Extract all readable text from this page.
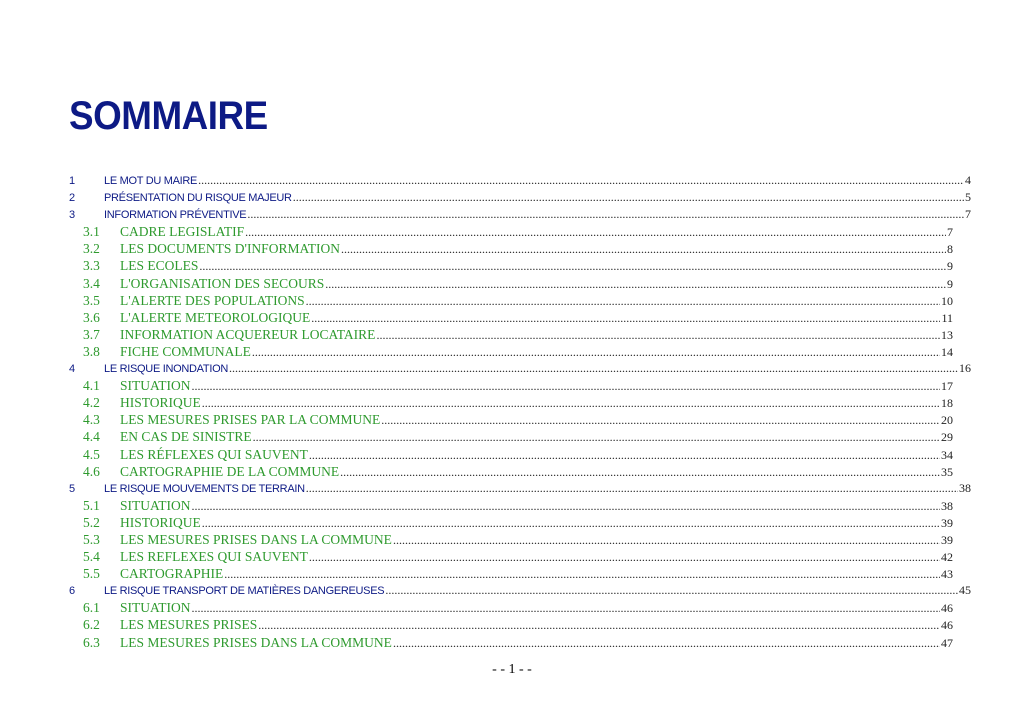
SOMMAIRE
1	LE MOT DU MAIRE .....	4
2	PRÉSENTATION DU RISQUE MAJEUR .....	5
3	INFORMATION PRÉVENTIVE .....	7
3.1	CADRE LEGISLATIF .....	7
3.2	LES DOCUMENTS D'INFORMATION .....	8
3.3	LES ECOLES .....	9
3.4	L'ORGANISATION DES SECOURS .....	9
3.5	L'ALERTE DES POPULATIONS .....	10
3.6	L'ALERTE METEOROLOGIQUE .....	11
3.7	INFORMATION ACQUEREUR LOCATAIRE .....	13
3.8	FICHE COMMUNALE .....	14
4	LE RISQUE INONDATION .....	16
4.1	SITUATION .....	17
4.2	HISTORIQUE .....	18
4.3	LES MESURES PRISES PAR LA COMMUNE .....	20
4.4	EN CAS DE SINISTRE .....	29
4.5	LES RÉFLEXES QUI SAUVENT .....	34
4.6	CARTOGRAPHIE DE LA COMMUNE .....	35
5	LE RISQUE MOUVEMENTS DE TERRAIN .....	38
5.1	SITUATION .....	38
5.2	HISTORIQUE .....	39
5.3	LES MESURES PRISES DANS LA COMMUNE .....	39
5.4	LES REFLEXES QUI SAUVENT .....	42
5.5	CARTOGRAPHIE .....	43
6	LE RISQUE TRANSPORT DE MATIÈRES DANGEREUSES .....	45
6.1	SITUATION .....	46
6.2	LES MESURES PRISES .....	46
6.3	LES MESURES PRISES DANS LA COMMUNE .....	47
- - 1 - -
